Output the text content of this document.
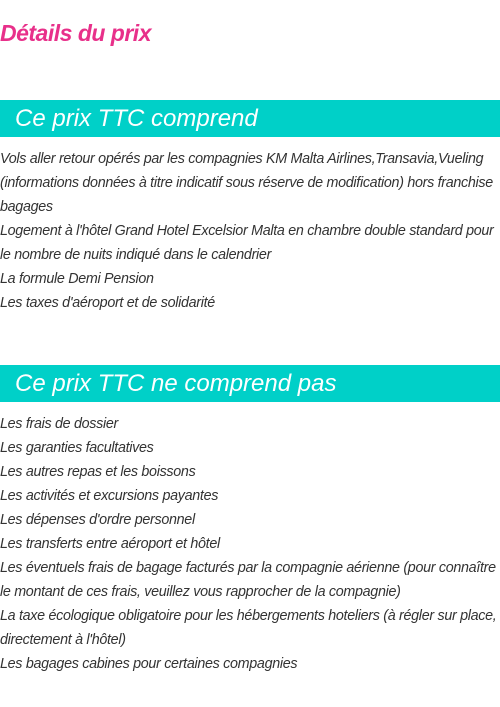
Détails du prix
Ce prix TTC comprend
Vols aller retour opérés par les compagnies KM Malta Airlines,Transavia,Vueling (informations données à titre indicatif sous réserve de modification) hors franchise bagages
Logement à l'hôtel Grand Hotel Excelsior Malta en chambre double standard pour le nombre de nuits indiqué dans le calendrier
La formule Demi Pension
Les taxes d'aéroport et de solidarité
Ce prix TTC ne comprend pas
Les frais de dossier
Les garanties facultatives
Les autres repas et les boissons
Les activités et excursions payantes
Les dépenses d'ordre personnel
Les transferts entre aéroport et hôtel
Les éventuels frais de bagage facturés par la compagnie aérienne (pour connaître le montant de ces frais, veuillez vous rapprocher de la compagnie)
La taxe écologique obligatoire pour les hébergements hoteliers (à régler sur place, directement à l'hôtel)
Les bagages cabines pour certaines compagnies
